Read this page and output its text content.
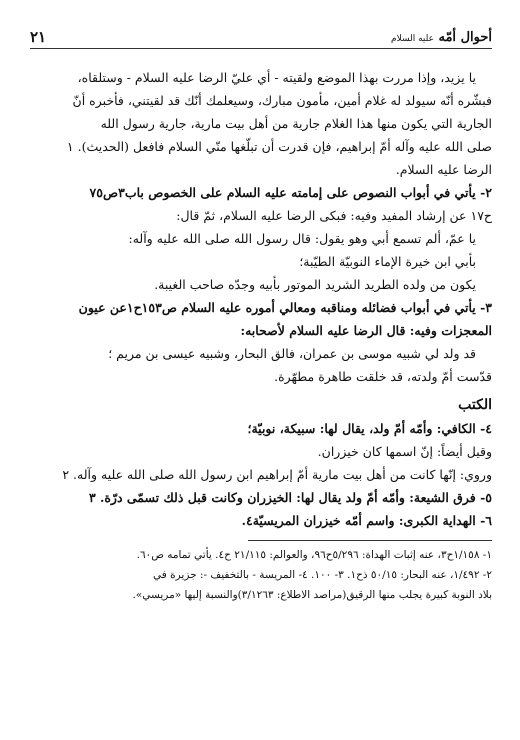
أحوال أمّه عليه السلام
٢١
يا يزيد، وإذا مررت بهذا الموضع ولقيته - أي عليّ الرضا عليه السلام - وستلقاه،
فبشّره أنّه سيولد له غلام أمين، مأمون مبارك، وسيعلمك أنّك قد لقيتني، فأخبره أنّ
الجارية التي يكون منها هذا الغلام جارية من أهل بيت مارية، جارية رسول الله
صلى الله عليه وآله أمّ إبراهيم، فإن قدرت أن تبلّغها منّي السلام فافعل (الحديث). ١
الرضا عليه السلام.
٢- يأتي في أبواب النصوص على إمامته عليه السلام على الخصوص باب٣ص٧٥
ح١٧ عن إرشاد المفيد وفيه: فبكى الرضا عليه السلام، ثمّ قال:
يا عمّ، ألم تسمع أبي وهو يقول: قال رسول الله صلى الله عليه وآله:
بأبي ابن خيرة الإماء النوبيّة الطيّبة؛
يكون من ولده الطريد الشريد الموتور بأبيه وجدّه صاحب الغيبة.
٣- يأتي في أبواب فضائله ومناقبه ومعالي أموره عليه السلام ص١٥٣ح١عن عيون
المعجزات وفيه: قال الرضا عليه السلام لأصحابه:
قد ولد لي شبيه موسى بن عمران، فالق البحار، وشبيه عيسى بن مريم ؛
قدّست أمّ ولدته، قد خلقت طاهرة مطهّرة.
الكتب
٤- الكافي: وأمّه أمّ ولد، يقال لها: سبيكة، نوبيّة؛
وقيل أيضاً: إنّ اسمها كان خيزران.
وروي: إنّها كانت من أهل بيت مارية أمّ إبراهيم ابن رسول الله صلى الله عليه وآله. ٢
٥- فرق الشيعة: وأمّه أمّ ولد يقال لها: الخيزران وكانت قبل ذلك تسمّى درّة. ٣
٦- الهداية الكبرى: واسم أمّه خيزران المريسيّة٤.
١- ١/١٥٨ح٣، عنه إثبات الهداة: ٥/٢٩٦ح٩٦، والعوالم: ٢١/١١٥ ح٤. يأتي تمامه ص٦٠.
٢- ١/٤٩٢، عنه البحار: ٥٠/١٥ ذح١. ٣- ١٠٠. ٤- المريسة - بالتخفيف -: جزيرة في
بلاد النوبة كبيرة يجلب منها الرقيق(مراصد الاطلاع: ٣/١٢٦٣)والنسبة إليها «مريسي».
